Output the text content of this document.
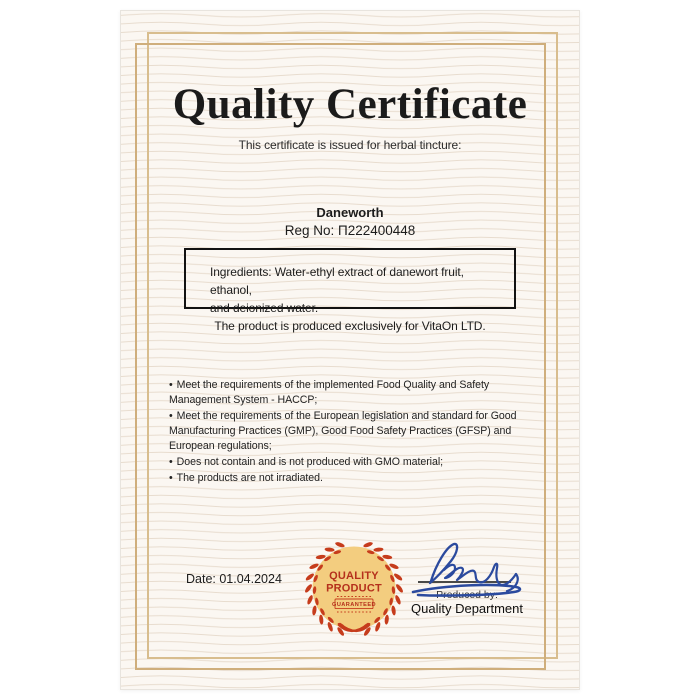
Quality Certificate
This certificate is issued for herbal tincture:
Daneworth
Reg No: П222400448
Ingredients: Water-ethyl extract of danewort fruit, ethanol,
and deionized water.
The product is produced exclusively for VitaOn LTD.
• Meet the requirements of the implemented Food Quality and Safety Management System - HACCP;
• Meet the requirements of the European legislation and standard for Good Manufacturing Practices (GMP), Good Food Safety Practices (GFSP) and European regulations;
• Does not contain and is not produced with GMO material;
• The products are not irradiated.
Date: 01.04.2024	QUALITY
PRODUCT
GUARANTEED
Produced by:
Quality Department
